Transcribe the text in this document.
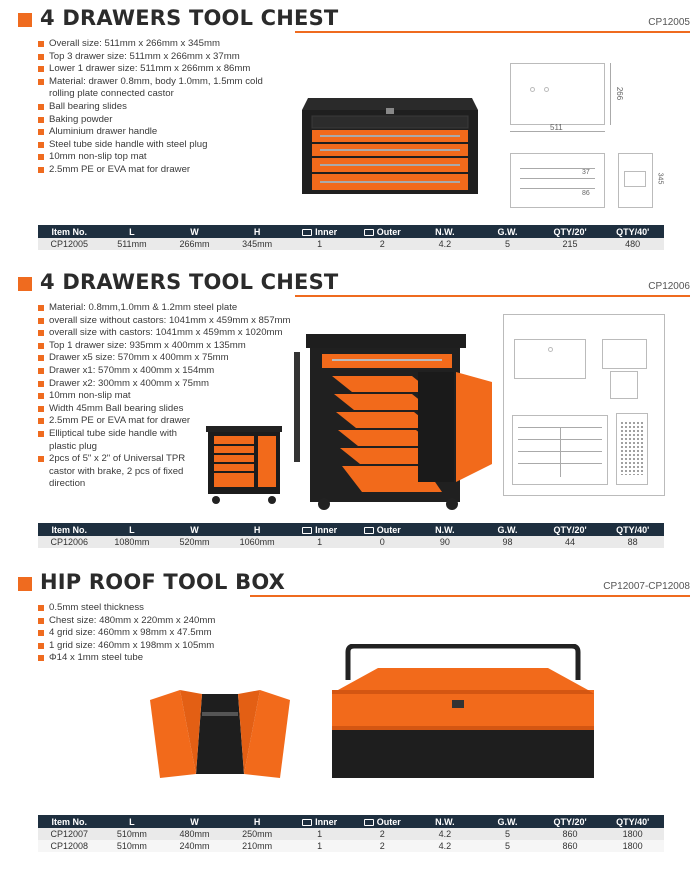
4 DRAWERS TOOL CHEST	CP12005
Overall size: 511mm x 266mm x 345mm
Top 3 drawer size: 511mm x 266mm x 37mm
Lower 1 drawer size: 511mm x 266mm x 86mm
Material: drawer 0.8mm, body 1.0mm, 1.5mm cold
rolling plate connected castor
Ball bearing slides
Baking powder
Aluminium drawer handle
Steel tube side handle with steel plug
10mm non-slip top mat
2.5mm PE or EVA mat for drawer
266
511
37
86
345
Item No.	L	W	H	Inner	Outer	N.W.	G.W.	QTY/20'	QTY/40'
CP12005	511mm	266mm	345mm	1	2	4.2	5	215	480
4 DRAWERS TOOL CHEST	CP12006
Material: 0.8mm,1.0mm & 1.2mm steel plate
overall size without castors: 1041mm x 459mm x 857mm
overall size with castors: 1041mm x 459mm x 1020mm
Top 1 drawer size: 935mm x 400mm x 135mm
Drawer x5 size: 570mm x 400mm x 75mm
Drawer x1: 570mm x 400mm x 154mm
Drawer x2: 300mm x 400mm x 75mm
10mm non-slip mat
Width 45mm Ball bearing slides
2.5mm PE or EVA mat for drawer
Elliptical tube side handle with
plastic plug
2pcs of 5" x 2" of Universal TPR
castor with brake, 2 pcs of fixed
direction
Item No.	L	W	H	Inner	Outer	N.W.	G.W.	QTY/20'	QTY/40'
CP12006	1080mm	520mm	1060mm	1	0	90	98	44	88
HIP ROOF TOOL BOX	CP12007-CP12008
0.5mm steel thickness
Chest size: 480mm x 220mm x 240mm
4 grid size: 460mm x 98mm x 47.5mm
1 grid size: 460mm x 198mm x 105mm
Φ14 x 1mm steel tube
Item No.	L	W	H	Inner	Outer	N.W.	G.W.	QTY/20'	QTY/40'
CP12007	510mm	480mm	250mm	1	2	4.2	5	860	1800
CP12008	510mm	240mm	210mm	1	2	4.2	5	860	1800
